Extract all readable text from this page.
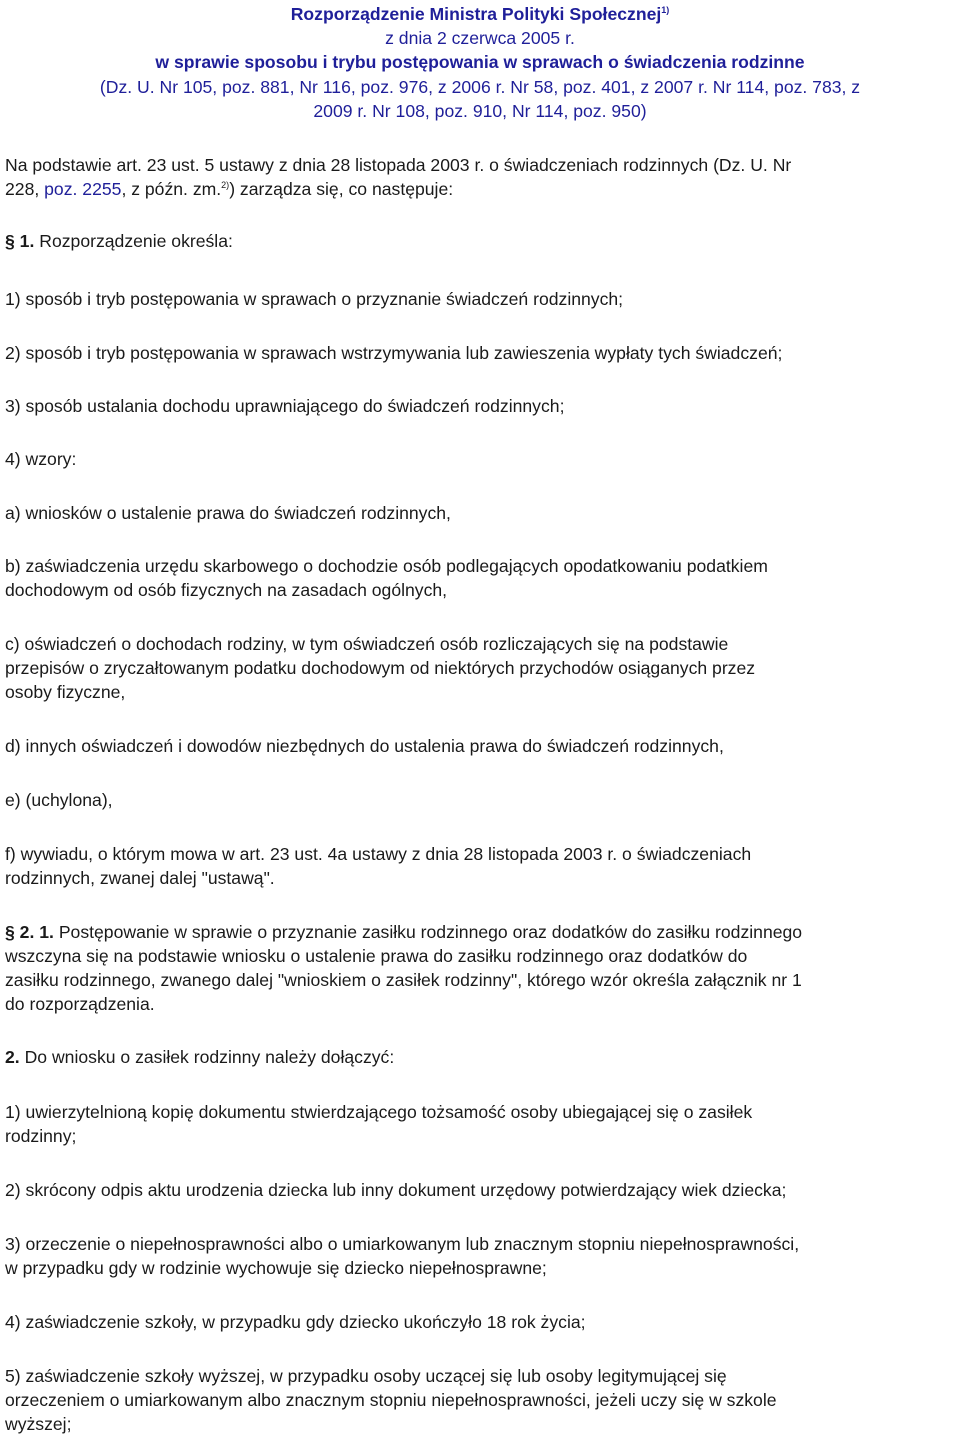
Rozporządzenie Ministra Polityki Społecznej$^{1)}$
z dnia 2 czerwca 2005 r.
w sprawie sposobu i trybu postępowania w sprawach o świadczenia rodzinne
(Dz. U. Nr 105, poz. 881, Nr 116, poz. 976, z 2006 r. Nr 58, poz. 401, z 2007 r. Nr 114, poz. 783, z
2009 r. Nr 108, poz. 910, Nr 114, poz. 950)
Na podstawie art. 23 ust. 5 ustawy z dnia 28 listopada 2003 r. o świadczeniach rodzinnych (Dz. U. Nr
228, poz. 2255, z późn. zm.$^{2)}$) zarządza się, co następuje:
§ 1. Rozporządzenie określa:
1) sposób i tryb postępowania w sprawach o przyznanie świadczeń rodzinnych;
2) sposób i tryb postępowania w sprawach wstrzymywania lub zawieszenia wypłaty tych świadczeń;
3) sposób ustalania dochodu uprawniającego do świadczeń rodzinnych;
4) wzory:
a) wniosków o ustalenie prawa do świadczeń rodzinnych,
b) zaświadczenia urzędu skarbowego o dochodzie osób podlegających opodatkowaniu podatkiem
dochodowym od osób fizycznych na zasadach ogólnych,
c) oświadczeń o dochodach rodziny, w tym oświadczeń osób rozliczających się na podstawie
przepisów o zryczałtowanym podatku dochodowym od niektórych przychodów osiąganych przez
osoby fizyczne,
d) innych oświadczeń i dowodów niezbędnych do ustalenia prawa do świadczeń rodzinnych,
e) (uchylona),
f) wywiadu, o którym mowa w art. 23 ust. 4a ustawy z dnia 28 listopada 2003 r. o świadczeniach
rodzinnych, zwanej dalej "ustawą".
§ 2. 1. Postępowanie w sprawie o przyznanie zasiłku rodzinnego oraz dodatków do zasiłku rodzinnego
wszczyna się na podstawie wniosku o ustalenie prawa do zasiłku rodzinnego oraz dodatków do
zasiłku rodzinnego, zwanego dalej "wnioskiem o zasiłek rodzinny", którego wzór określa załącznik nr 1
do rozporządzenia.
2. Do wniosku o zasiłek rodzinny należy dołączyć:
1) uwierzytelnioną kopię dokumentu stwierdzającego tożsamość osoby ubiegającej się o zasiłek
rodzinny;
2) skrócony odpis aktu urodzenia dziecka lub inny dokument urzędowy potwierdzający wiek dziecka;
3) orzeczenie o niepełnosprawności albo o umiarkowanym lub znacznym stopniu niepełnosprawności,
w przypadku gdy w rodzinie wychowuje się dziecko niepełnosprawne;
4) zaświadczenie szkoły, w przypadku gdy dziecko ukończyło 18 rok życia;
5) zaświadczenie szkoły wyższej, w przypadku osoby uczącej się lub osoby legitymującej się
orzeczeniem o umiarkowanym albo znacznym stopniu niepełnosprawności, jeżeli uczy się w szkole
wyższej;
